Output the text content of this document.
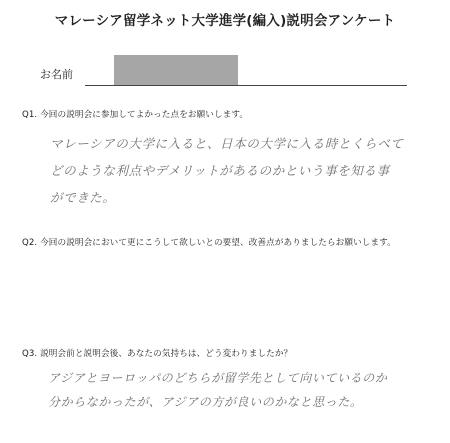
マレーシア留学ネット大学進学(編入)説明会アンケート
お名前
Q1. 今回の説明会に参加してよかった点をお願いします。
マレーシアの大学に入ると、日本の大学に入る時とくらべて
どのような利点やデメリットがあるのかという事を知る事
ができた。
Q2. 今回の説明会において更にこうして欲しいとの要望、改善点がありましたらお願いします。
Q3. 説明会前と説明会後、あなたの気持ちは、どう変わりましたか？
アジアとヨーロッパのどちらが留学先として向いているのか
分からなかったが、アジアの方が良いのかなと思った。
